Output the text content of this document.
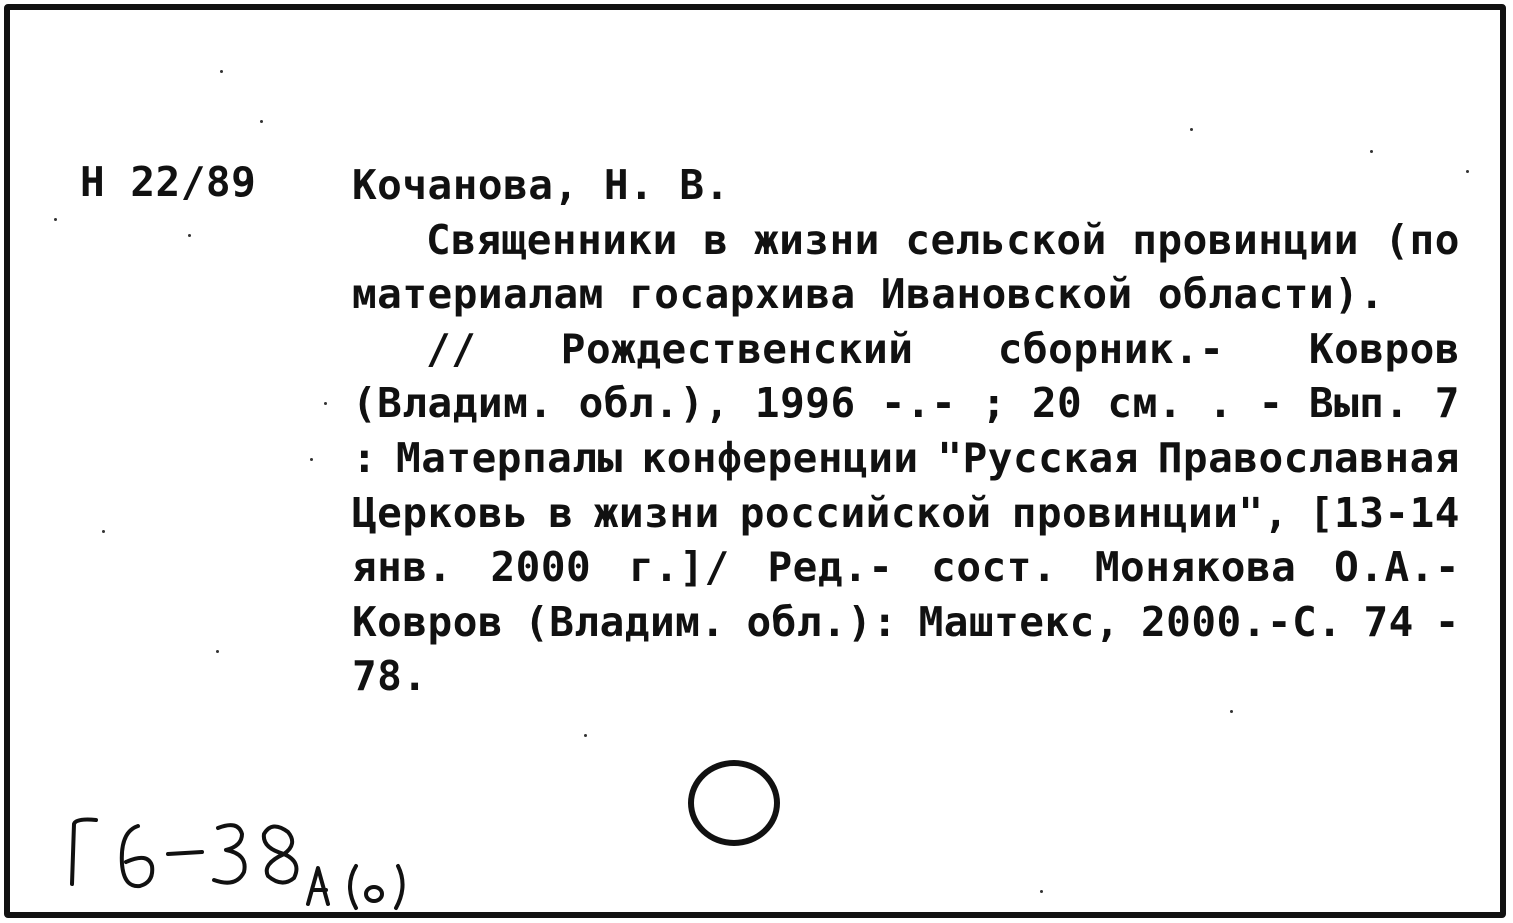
Н 22/89 Кочанова, Н. В.
Священники в жизни сельской провинции (по
материалам госархива Ивановской области).
// Рождественский сборник.- Ковров
(Владим. обл.), 1996 -.- ; 20 см. . - Вып. 7
: Матерпалы конференции "Русская Православная
Церковь в жизни российской провинции", [13-14
янв. 2000 г.]/ Ред.- сост. Монякова О.А.-
Ковров (Владим. обл.): Маштекс, 2000.-С. 74 -
78.
